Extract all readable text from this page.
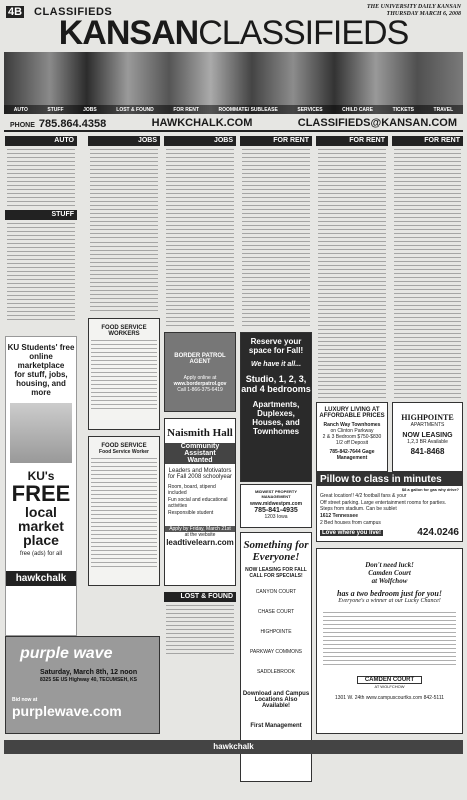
4B CLASSIFIEDS	THE UNIVERSITY DAILY KANSAN
THURSDAY MARCH 6, 2008
KANSANCLASSIFIEDS
AUTO	STUFF	JOBS	LOST & FOUND	FOR RENT	ROOMMATE/ SUBLEASE	SERVICES	CHILD CARE	TICKETS	TRAVEL
PHONE 785.864.4358	HAWKCHALK.COM	CLASSIFIEDS@KANSAN.COM
AUTO
STUFF
KU Students' free
online marketplace
for stuff, jobs,
housing, and more
KU's
FREE
local
market
place
free (ads) for all
hawkchalk
purple wave
Saturday, March 8th, 12 noon
8325 SE US Highway 40, TECUMSEH, KS
Bid now at
purplewave.com
JOBS
FOOD SERVICE WORKERS
FOOD SERVICE
Food Service Worker
JOBS
BORDER PATROL AGENT
Apply online at
www.borderpatrol.gov
Call 1-866-375-6419
Naismith Hall
Community Assistant
Wanted
Leaders and Motivators
for Fall 2008 schoolyear
Room, board, stipend included
Fun social and educational activities
Responsible student
Apply by Friday, March 21st
at the website
leadtivelearn.com
LOST & FOUND
FOR RENT
Reserve your
space for Fall!
We have it all...
Studio, 1, 2, 3,
and 4 bedrooms
Apartments,
Duplexes,
Houses, and
Townhomes
MIDWEST PROPERTY MANAGEMENT
www.midwestpm.com
785-841-4935
1203 Iowa
Something for
Everyone!
NOW LEASING FOR FALL
CALL FOR SPECIALS!
CANYON COURT
CHASE COURT
HIGHPOINTE
PARKWAY COMMONS
SADDLEBROOK
Download and Campus Locations Also Available!
First Management
FOR RENT
LUXURY LIVING AT
AFFORDABLE PRICES
Ranch Way Townhomes
on Clinton Parkway
2 & 3 Bedroom $750-$830
1/2 off Deposit
785-842-7644 Gage Management
FOR RENT
HIGHPOINTE
APARTMENTS
NOW LEASING
1,2,3 BR Available
841-8468
Pillow to class in minutes
$8 a gallon for gas why drive?
Great location!! 4/2 football fans & your
Off street parking. Large entertainment rooms for parties. Steps from stadium. Can be sublet
1612 Tennessee
2 Bed houses from campus
Love where you live!	424.0246
Don't need luck!
Camden Court
at Wolfchow
has a two bedroom just for you!
Everyone's a winner at our Lucky Chance!
CAMDEN COURT
AT WOLFCHOW
1301 W. 24th www.campuscourtks.com 842-5111
hawkchalk
